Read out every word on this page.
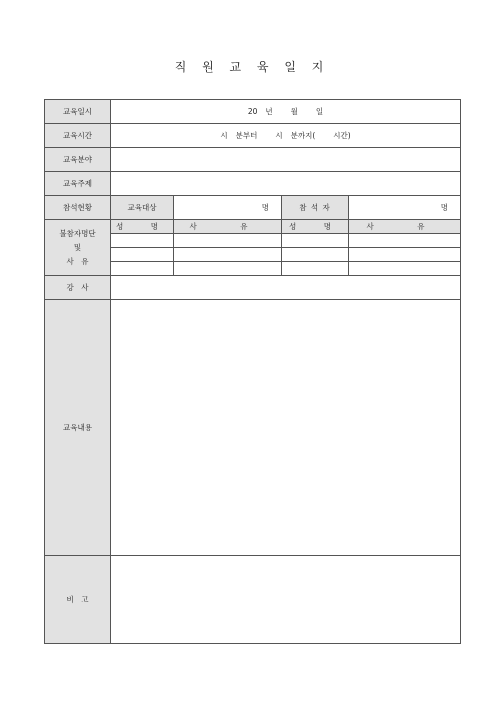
직 원 교 육 일 지
교육일시	20 년 월 일			
교육시간	시 분부터 시 분까지( 시간)			
교육분야				
교육주제				
참석현황	교육대상	명	참 석 자	명

불참자명단
및
사　유	성　명	사　유	성　명	사　유

강　사				
교육내용				
비　고				
